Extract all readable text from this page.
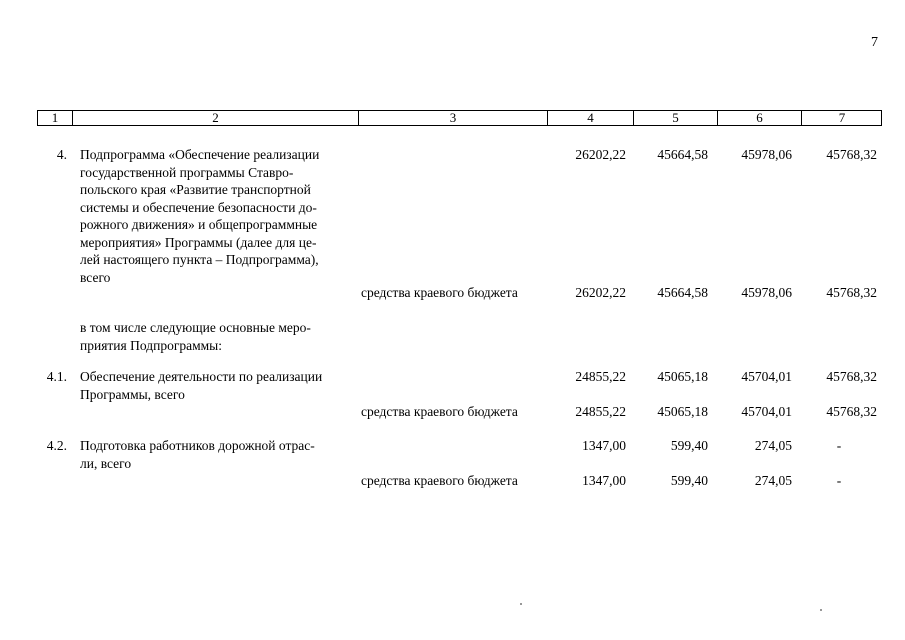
7
1	2	3	4	5	6	7
4. Подпрограмма «Обеспечение реализации
государственной программы Ставро-
польского края «Развитие транспортной
системы и обеспечение безопасности до-
рожного движения» и общепрограммные
мероприятия» Программы (далее для це-
лей настоящего пункта – Подпрограмма),
всего
26202,22	45664,58	45978,06	45768,32
средства краевого бюджета	26202,22	45664,58	45978,06	45768,32
в том числе следующие основные меро-
приятия Подпрограммы:
4.1. Обеспечение деятельности по реализации
Программы, всего
24855,22	45065,18	45704,01	45768,32
средства краевого бюджета	24855,22	45065,18	45704,01	45768,32
4.2. Подготовка работников дорожной отрас-
ли, всего
1347,00	599,40	274,05	-
средства краевого бюджета	1347,00	599,40	274,05	-
